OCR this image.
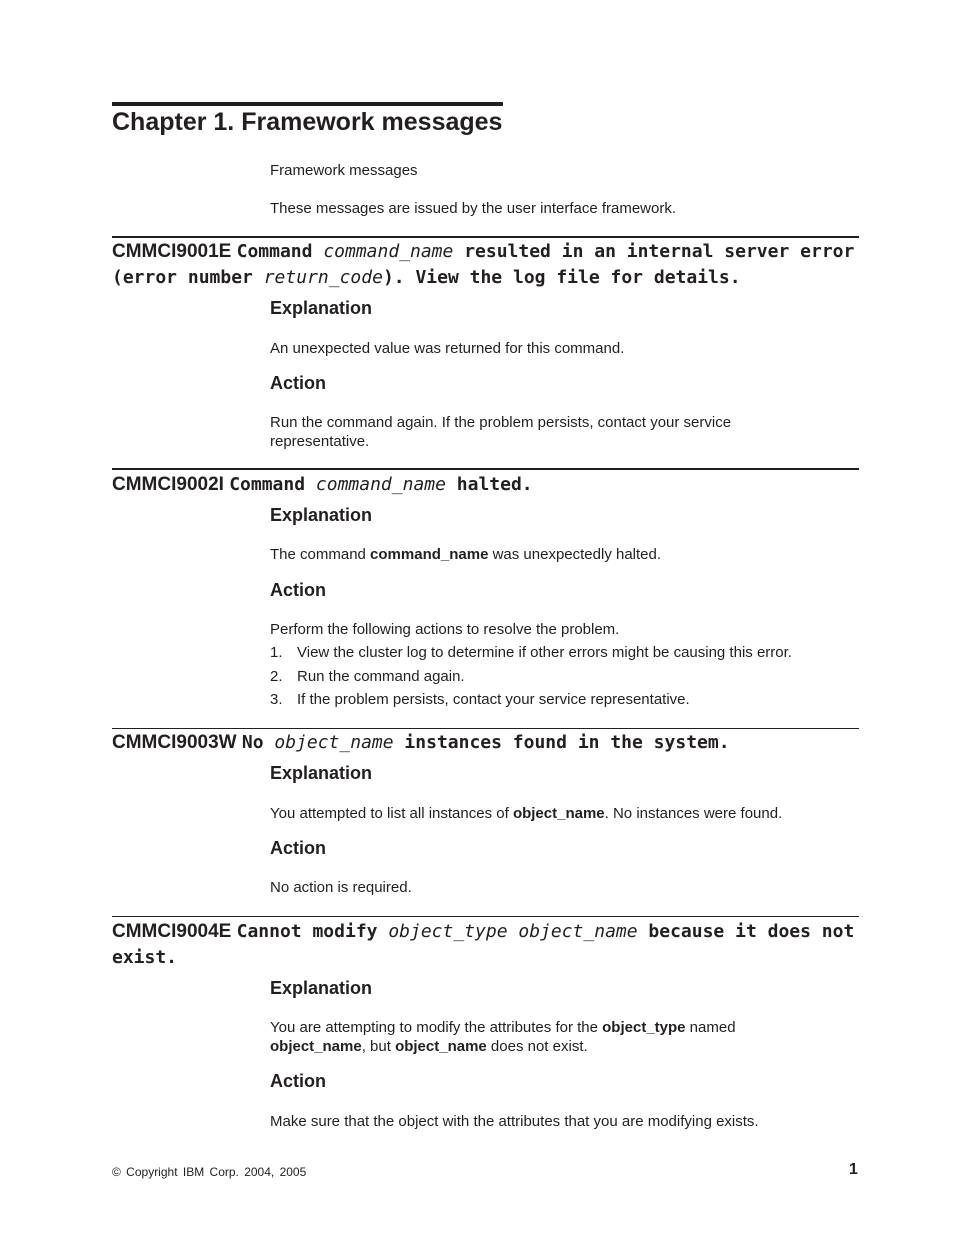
Chapter 1. Framework messages
Framework messages
These messages are issued by the user interface framework.
CMMCI9001E Command command_name resulted in an internal server error (error number return_code). View the log file for details.
Explanation
An unexpected value was returned for this command.
Action
Run the command again. If the problem persists, contact your service representative.
CMMCI9002I Command command_name halted.
Explanation
The command command_name was unexpectedly halted.
Action
Perform the following actions to resolve the problem.
1. View the cluster log to determine if other errors might be causing this error.
2. Run the command again.
3. If the problem persists, contact your service representative.
CMMCI9003W No object_name instances found in the system.
Explanation
You attempted to list all instances of object_name. No instances were found.
Action
No action is required.
CMMCI9004E Cannot modify object_type object_name because it does not exist.
Explanation
You are attempting to modify the attributes for the object_type named
object_name, but object_name does not exist.
Action
Make sure that the object with the attributes that you are modifying exists.
© Copyright IBM Corp. 2004, 2005	1
